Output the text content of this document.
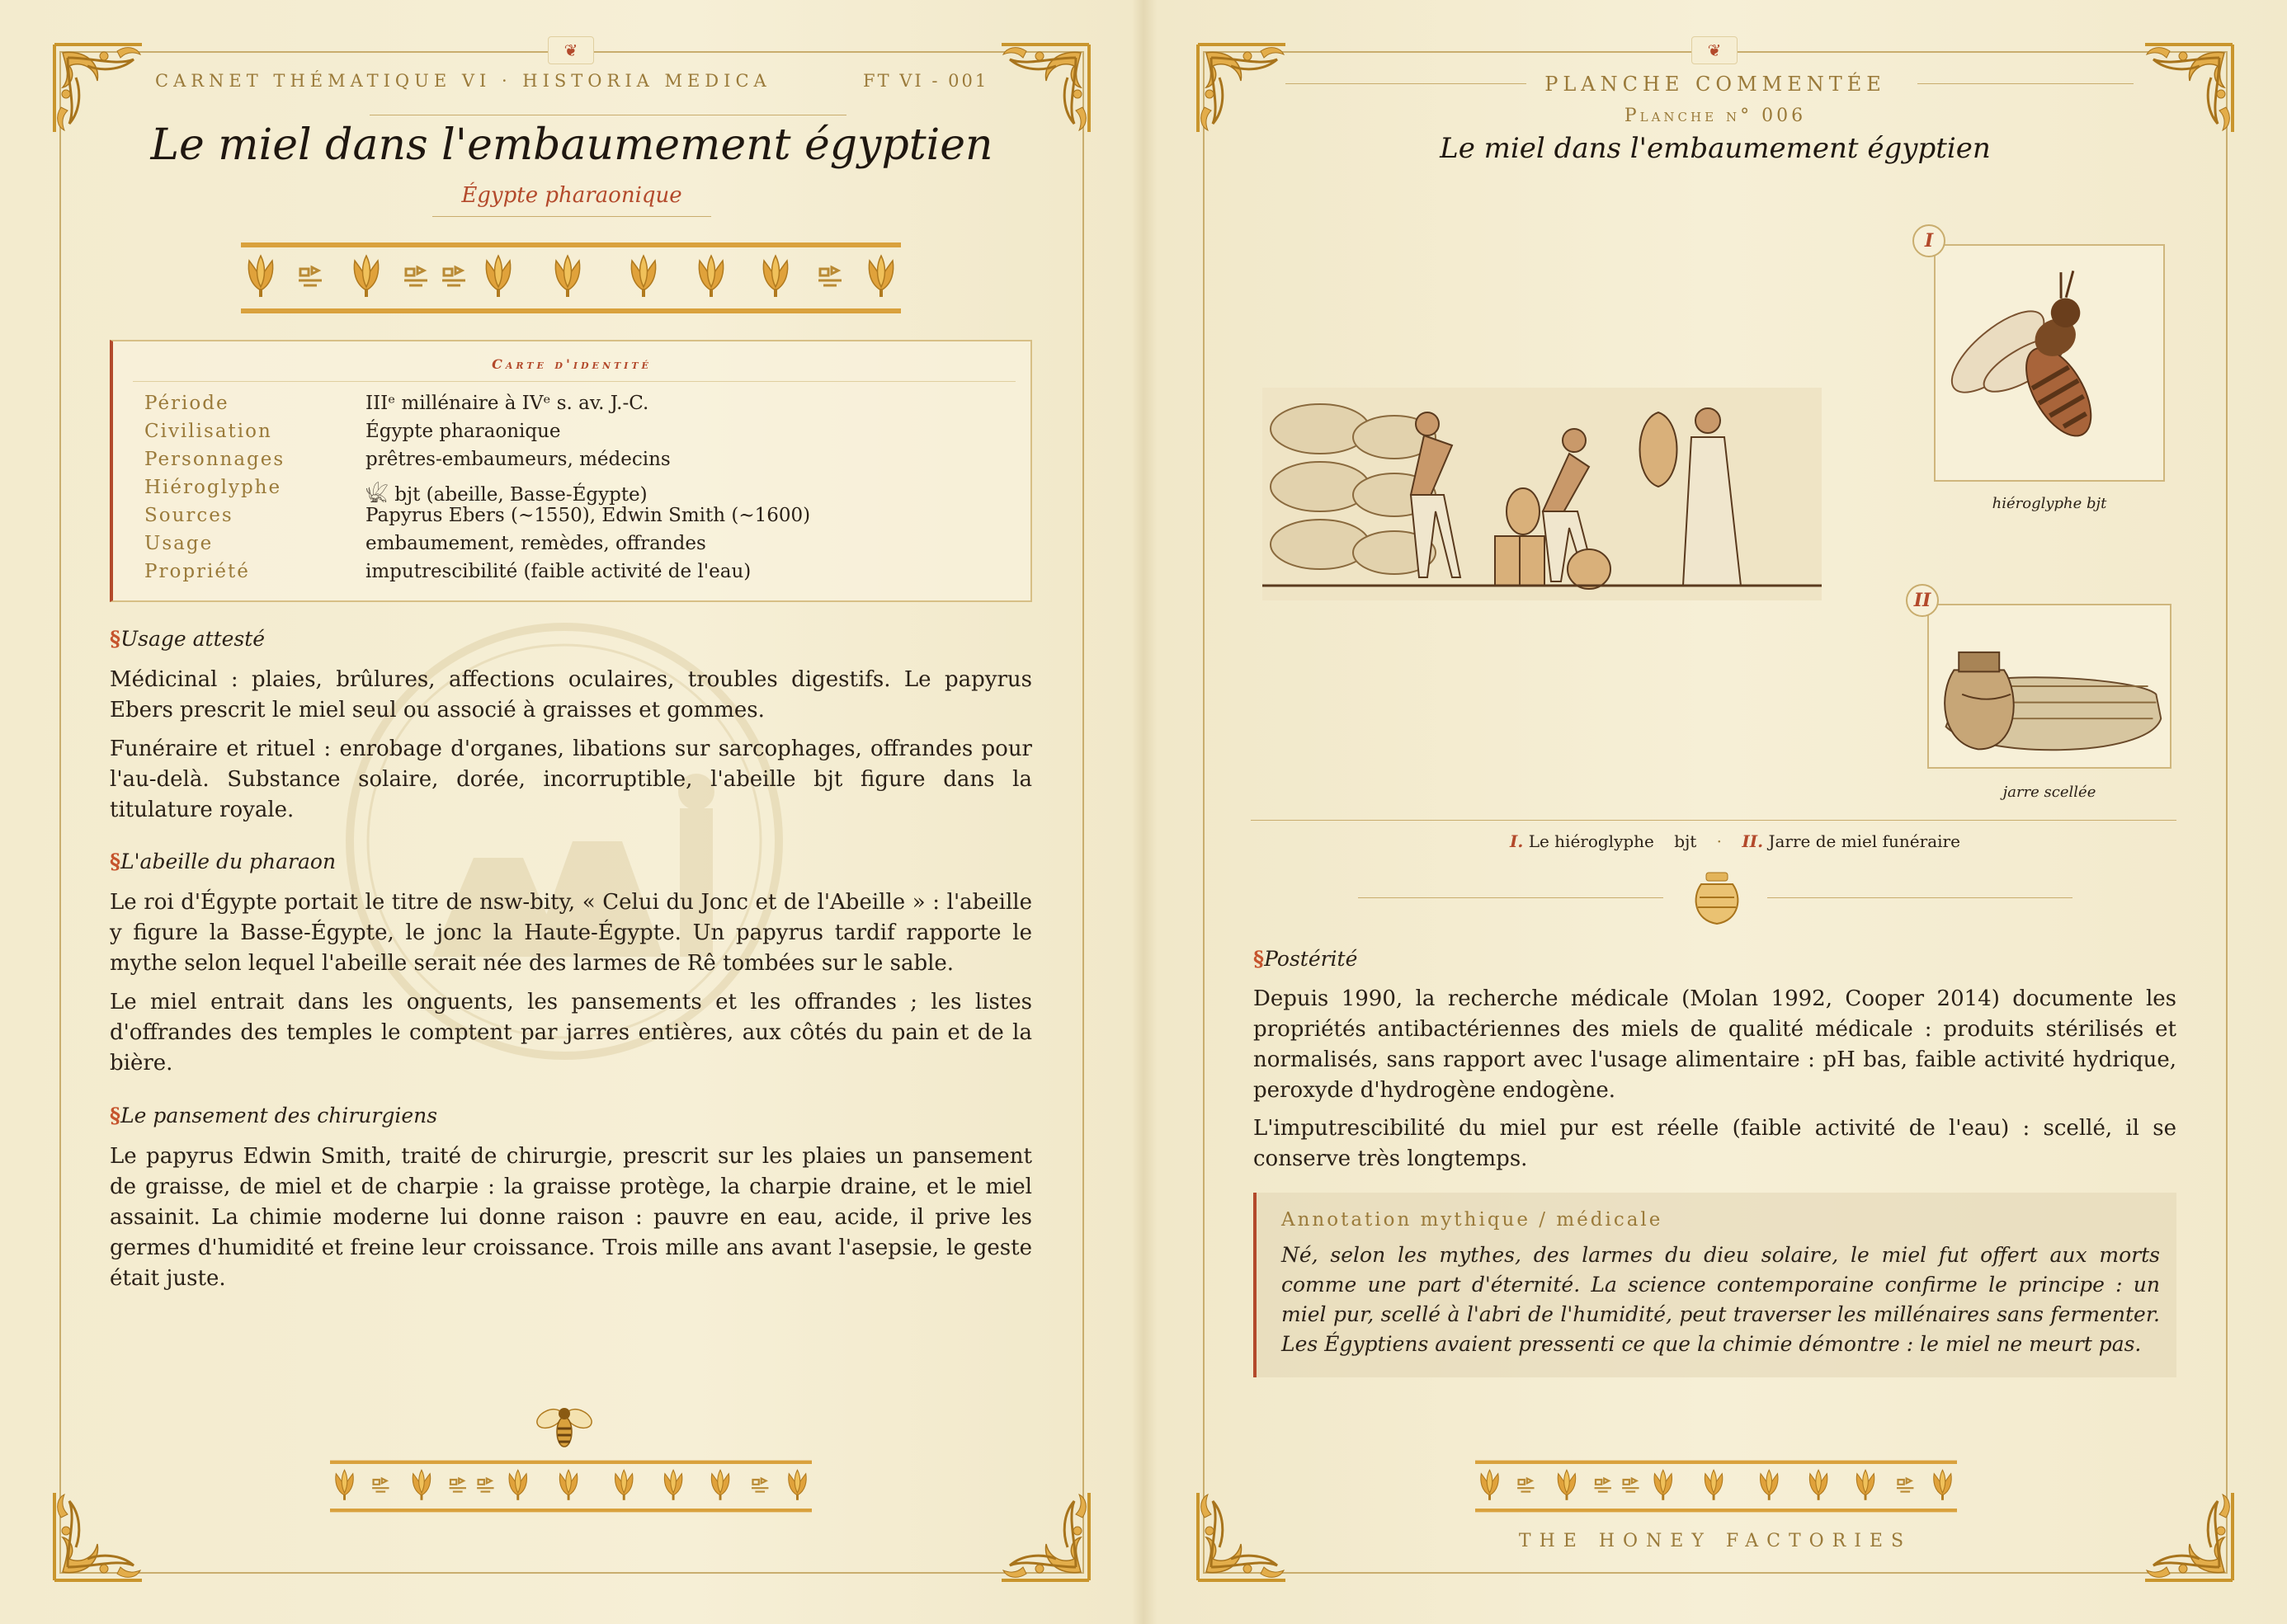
❦
CARNET THÉMATIQUE VI · HISTORIA MEDICA	FT VI - 001
Le miel dans l'embaumement égyptien
Égypte pharaonique
Carte d'identité
Période	IIIᵉ millénaire à IVᵉ s. av. J.-C.
Civilisation	Égypte pharaonique
Personnages	prêtres-embaumeurs, médecins
Hiéroglyphe	𓆤 bjt (abeille, Basse-Égypte)
Sources	Papyrus Ebers (~1550), Edwin Smith (~1600)
Usage	embaumement, remèdes, offrandes
Propriété	imputrescibilité (faible activité de l'eau)
§Usage attesté
Médicinal : plaies, brûlures, affections oculaires, troubles digestifs. Le papyrus Ebers prescrit le miel seul ou associé à graisses et gommes.
Funéraire et rituel : enrobage d'organes, libations sur sarcophages, offrandes pour l'au-delà. Substance solaire, dorée, incorruptible, l'abeille bjt figure dans la titulature royale.
§L'abeille du pharaon
Le roi d'Égypte portait le titre de nsw-bity, « Celui du Jonc et de l'Abeille » : l'abeille y figure la Basse-Égypte, le jonc la Haute-Égypte. Un papyrus tardif rapporte le mythe selon lequel l'abeille serait née des larmes de Rê tombées sur le sable.
Le miel entrait dans les onguents, les pansements et les offrandes ; les listes d'offrandes des temples le comptent par jarres entières, aux côtés du pain et de la bière.
§Le pansement des chirurgiens
Le papyrus Edwin Smith, traité de chirurgie, prescrit sur les plaies un pansement de graisse, de miel et de charpie : la graisse protège, la charpie draine, et le miel assainit. La chimie moderne lui donne raison : pauvre en eau, acide, il prive les germes d'humidité et freine leur croissance. Trois mille ans avant l'asepsie, le geste était juste.
❦
PLANCHE COMMENTÉE
Planche n° 006
Le miel dans l'embaumement égyptien
I
hiéroglyphe bjt
II
jarre scellée
I. Le hiéroglyphe bjt · II. Jarre de miel funéraire
§Postérité
Depuis 1990, la recherche médicale (Molan 1992, Cooper 2014) documente les propriétés antibactériennes des miels de qualité médicale : produits stérilisés et normalisés, sans rapport avec l'usage alimentaire : pH bas, faible activité hydrique, peroxyde d'hydrogène endogène.
L'imputrescibilité du miel pur est réelle (faible activité de l'eau) : scellé, il se conserve très longtemps.
Annotation mythique / médicale
Né, selon les mythes, des larmes du dieu solaire, le miel fut offert aux morts comme une part d'éternité. La science contemporaine confirme le principe : un miel pur, scellé à l'abri de l'humidité, peut traverser les millénaires sans fermenter. Les Égyptiens avaient pressenti ce que la chimie démontre : le miel ne meurt pas.
THE HONEY FACTORIES
